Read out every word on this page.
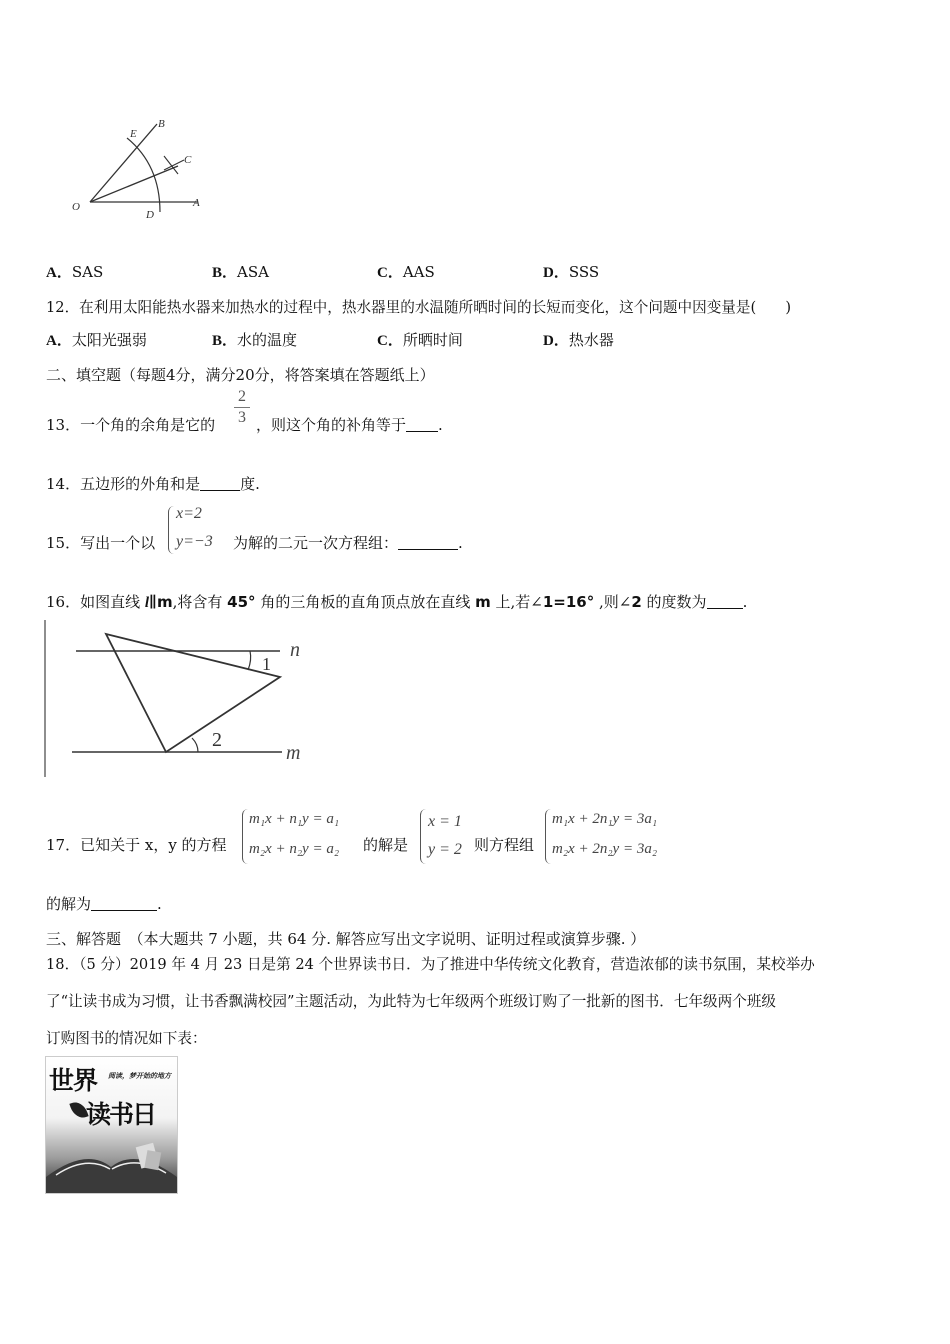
O	A
B
C
D
E
A．SAS	B．ASA	C．AAS	D．SSS
12．在利用太阳能热水器来加热水的过程中，热水器里的水温随所晒时间的长短而变化，这个问题中因变量是(　　)
A．太阳光强弱	B．水的温度	C．所晒时间	D．热水器
二、填空题（每题4分，满分20分，将答案填在答题纸上）
13．一个角的余角是它的
2
3 ，则这个角的补角等于 .
14．五边形的外角和是	度.
15．写出一个以
x=2
y=−3 为解的二元一次方程组：	.
16．如图直线 l∥m,将含有 45° 角的三角板的直角顶点放在直线 m 上,若∠1=16° ,则∠2 的度数为 .
n
m
1
2
17．已知关于 x，y 的方程
m₁x + n₁y = a₁
m₂x + n₂y = a₂ 的解是
x = 1
y = 2 则方程组
m₁x + 2n₁y = 3a₁
m₂x + 2n₂y = 3a₂
的解为	.
三、解答题　（本大题共 7 小题，共 64 分. 解答应写出文字说明、证明过程或演算步骤. ）
18．（5 分）2019 年 4 月 23 日是第 24 个世界读书日．为了推进中华传统文化教育，营造浓郁的读书氛围，某校举办
了“让读书成为习惯，让书香飘满校园”主题活动，为此特为七年级两个班级订购了一批新的图书．七年级两个班级
订购图书的情况如下表：
世界 阅读，梦开始的地方
读书日
